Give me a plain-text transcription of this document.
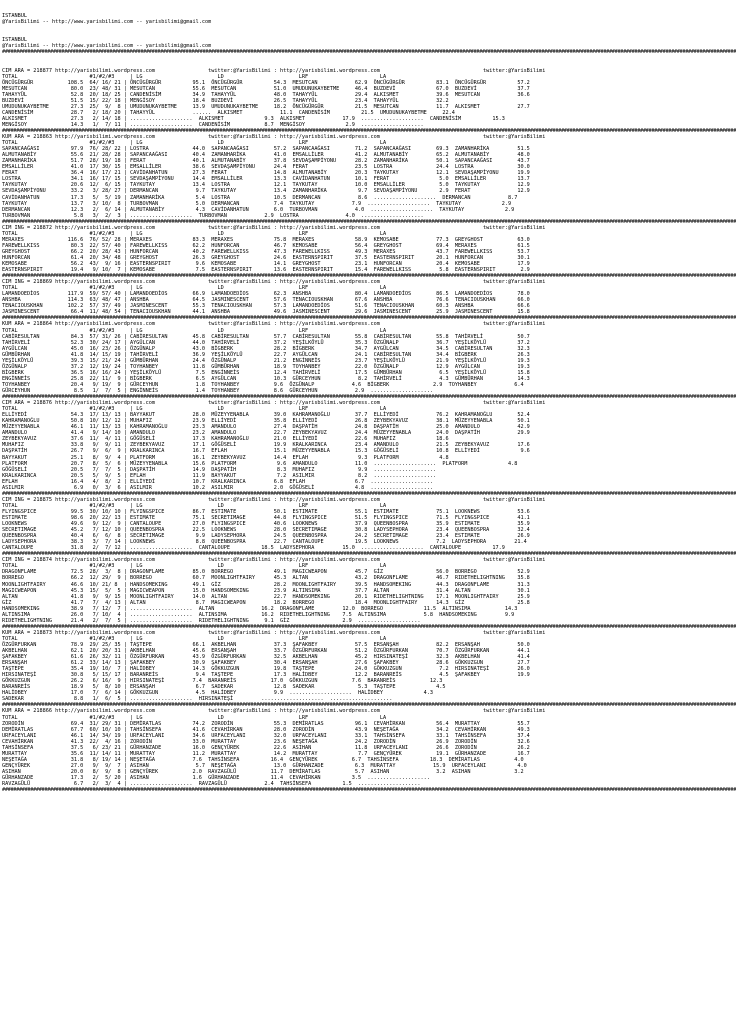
ISTANBUL
@YarisBilimi -- http://www.yarisbilimi.com -- yarisbilimi@gmail.com
ISTANBUL
@YarisBilimi -- http://www.yarisbilimi.com -- yarisbilimi@gmail.com
####################################################################################################################################################################################################################################################################

CIM ARA = 218877 http://yarisbilimi.wordpress.com                 twitter:@YarisBilimi : http://yarisbilimi.wordpress.com                                 twitter:@YarisBilimi
TOTAL                       #1/#2/#3     | LG                        LD                        LRF                       LA
ÖNCÜGÜRGÜR           108.5  64/ 16/ 21 | ÖNCÜGÜRGÜR          95.1  ÖNCÜGÜRGÜR          54.3  MESUTCAN            62.9  ÖNCÜGÜRGÜR          83.1  ÖNCÜGÜRGÜR          57.2
MESUTCAN              80.0  23/ 48/ 31 | MESUTCAN            55.6  MESUTCAN            51.0  UMUDUNUKAYBETME     46.4  BUZDEVİ             67.0  BUZDEVİ             37.7
TAHAYYÜL              52.8  20/ 18/ 25 | CANDENİSİM          34.9  TAHAYYÜL            48.0  TAHAYYÜL            29.4  ALKISMET            39.6  MESUTCAN            36.6
BUZDEVİ               51.5  15/ 22/ 18 | MENGİSOY            18.4  BUZDEVİ             26.5  TAHAYYÜL            23.4  TAHAYYÜL            32.2
UMUDUNUKAYBETME       27.3  25/  9/  8 | UMUDUNUKAYBETME     13.9  UMUDUNUKAYBETME     18.2  ÖNCÜGÜRGÜR          21.5  MESUTCAN            11.7  ALKISMET            27.7
CANDENİSİM            28.7   2/ 18/ 20 | TAHAYYÜL            ......  ALKISMET            11.1  CANDENİSİM          21.5  UMUDUNUKAYBETME     22.4
ALKISMET              27.3   2/ 14/ 18 | ....................  ALKISMET             9.3  ALKISMET            17.9  ....................  CANDENİSİM          15.3
MENGİSOY              14.3   1/  7/ 11 | ....................  CANDENİSİM           8.7  MENGİSOY             2.9  ....................
####################################################################################################################################################################################################################################################################
KUM ARA = 218863 http://yarisbilimi.wordpress.com                 twitter:@YarisBilimi : http://yarisbilimi.wordpress.com                                 twitter:@YarisBilimi
TOTAL                       #1/#2/#3     | LG                        LD                        LRF                       LA
SAPANCAAĞASI          97.9  76/ 28/ 22 | LOSTRA              44.0  SAPANCAAĞASI        57.2  SAPANCAAĞASI        71.2  SAPANCAAĞASI        69.3  ZAMANHARİKA         51.5
ALMUTANABİY           55.6  21/ 28/ 28 | SAPANCAAĞASI        40.4  ZAMANHARİKA         41.0  EMSALLİLER          41.2  ALMUTANABİY         65.2  ALMUTANABİY         48.0
ZAMANHARİKA           51.7  28/ 19/ 18 | FERAT               40.1  ALMUTANABİY         37.8  SEVDAŞAMPİYONU      28.2  ZAMANHARİKA         50.1  SAPANCAAĞASI        43.7
EMSALLİLER            41.0  17/ 30/ 15 | EMSALLİLER          38.6  SEVDAŞAMPİYONU      24.4  FERAT               23.5  LOSTRA              24.4  LOSTRA              30.0
FERAT                 36.4  16/ 17/ 21 | CAVİDANHATUN        27.3  FERAT               14.8  ALMUTANABİY         20.3  TAYKUTAY            12.1  SEVDAŞAMPİYONU      19.9
LOSTRA                34.1  16/ 17/ 15 | SEVDAŞAMPİYONU      14.4  EMSALLİLER          13.3  CAVİDANHATUN        10.1  FERAT                5.0  EMSALLİLER          13.7
TAYKUTAY              20.6  12/  6/ 15 | TAYKUTAY            13.4  LOSTRA              12.1  TAYKUTAY            10.0  EMSALLİLER           5.0  TAYKUTAY            12.9
SEVDAŞAMPİYONU        33.2   3/ 28/ 27 | DERMANCAN            9.7  TAYKUTAY            13.4  ZAMANHARİKA          9.7  SEVDAŞAMPİYONU       2.9  FERAT               12.9
CAVİDANHATUN          17.3   5/  5/ 19 | ZAMANHARİKA          5.4  LOSTRA              10.5  DERMANCAN            8.6  ....................  DERMANCAN            8.7
TAYKUTAY              13.7   3/ 10/  8 | TURBOVMAN            5.0  DERMANCAN           7.4  TAYKUTAY            7.9  ....................  TAYKUTAY             2.9
DERMANCAN             12.3   2/  6/ 14 | ALMUTANABİY          4.3  CAVİDANHATUN        6.0  TURBOVMAN            4.0  ....................  TAYKUTAY             2.9
TURBOVMAN              5.8   3/  2/  3 | ....................  TURBOVMAN            2.9  LOSTRA               4.0  ....................
####################################################################################################################################################################################################################################################################
CIM ING = 218872 http://yarisbilimi.wordpress.com                 twitter:@YarisBilimi : http://yarisbilimi.wordpress.com                                 twitter:@YarisBilimi
TOTAL                       #1/#2/#3     | LG                        LD                        LRF                       LA
MERAXES              116.6  76/ 52/ 28 | MERAXES             83.3  MERAXES             75.8  MERAXES             58.9  KEMOSABE            77.3  GREYGHOST           63.0
FAREWELLKISS          80.3  22/ 57/ 40 | FAREWELLKISS        62.2  HUNFORCAN           46.7  KEMOSABE            56.4  GREYGHOST           69.4  MERAXES             61.5
GREYGHOST             66.2  20/ 28/ 43 | HUNFORCAN           40.2  FAREWELLKISS        47.3  FAREWELLKISS        49.3  MERAXES             43.7  FAREWELLKISS        53.7
HUNFORCAN             61.4  20/ 34/ 48 | GREYGHOST           26.3  GREYGHOST           24.6  EASTERNSPIRIT       37.5  EASTERNSPIRIT       20.1  HUNFORCAN           30.1
KEMOSABE              56.2  43/  9/ 16 | EASTERNSPIRIT        9.6  KEMOSABE            14.1  GREYGHOST           23.1  HUNFORCAN           20.4  KEMOSABE            17.9
EASTERNSPIRIT         19.4   9/ 10/  7 | KEMOSABE             7.5  EASTERNSPIRIT       13.6  EASTERNSPIRIT       15.4  FAREWELLKISS         5.8  EASTERNSPIRIT        2.9
####################################################################################################################################################################################################################################################################
CIM ING = 218869 http://yarisbilimi.wordpress.com                 twitter:@YarisBilimi : http://yarisbilimi.wordpress.com                                 twitter:@YarisBilimi
TOTAL                       #1/#2/#3     | LG                        LD                        LRF                       LA
LAMANDOEDİOS         117.9  59/ 57/ 40 | LAMANDOEDİOS        66.9  LAMANDOEDİOS        62.3  ANSHBA              80.4  LAMANDOEDİOS        86.5  LAMANDOEDİOS        78.0
ANSHBA               114.3  63/ 48/ 47 | ANSHBA              64.5  JASMINESCENT        57.6  TENACIOUSKHAN       67.6  ANSHBA              76.6  TENACIOUSKHAN       66.0
TENACIOUSKHAN        102.2  57/ 37/ 49 | JASMINESCENT        55.3  TENACIOUSKHAN       57.3  LAMANDOEDİOS        51.6  TENACIOUSKHAN       60.3  ANSHBA              66.6
JASMINESCENT          66.4  11/ 48/ 54 | TENACIOUSKHAN       44.1  ANSHBA              49.6  JASMINESCENT        29.6  JASMINESCENT        25.9  JASMINESCENT        15.8
####################################################################################################################################################################################################################################################################
KUM ARA = 218864 http://yarisbilimi.wordpress.com                 twitter:@YarisBilimi : http://yarisbilimi.wordpress.com                                 twitter:@YarisBilimi
TOTAL                       #1/#2/#3     | LG                        LD                        LRF                       LA
CABİRESULTAN          84.3  57/ 31/ 26 | CABİRESULTAN        45.8  CABİRESULTAN        57.7  CABİRESULTAN        55.8  CABİRESULTAN        55.8  TAHİRVELİ           50.7
TAHİRVELİ             52.3  30/ 24/ 17 | AYGÜLCAN            44.0  TAHİRVELİ           37.2  YEŞİLKÖYLÜ          35.3  ÖZGÜNALP            36.7  YEŞİLKÖYLÜ          37.2
AYGÜLCAN              45.0  16/ 23/ 26 | ÖZGÜNALP            43.0  BİGBERK             28.2  BİGBERK             34.7  AYGÜLCAN            34.5  CABİRESULTAN        32.3
GÜMBÜRHAN             41.8  14/ 15/ 19 | TAHİRVELİ           36.9  YEŞİLKÖYLÜ          22.7  AYGÜLCAN            24.1  CABİRESULTAN        34.4  BİGBERK             26.3
YEŞİLKÖYLÜ            39.3  15/ 21/ 24 | GÜMBÜRHAN           24.4  ÖZGÜNALP            21.2  ENGİNNEİS           23.7  YEŞİLKÖYLÜ          21.9  YEŞİLKÖYLÜ          19.3
ÖZGÜNALP              37.2  12/ 19/ 24 | TOYHANBEY           11.8  GÜMBÜRHAN           18.9  TOYHANBEY           22.0  ÖZGÜNALP            12.9  AYGÜLCAN            19.3
BİGBERK               36.5  16/ 16/ 24 | YEŞİLKÖYLÜ           7.5  ENGİNNEİS           12.4  TAHİRVELİ           17.5  GÜMBÜRHAN            6.5  YEŞİLKÖYLÜ          15.8
ENGİNNEİS             25.8  22/ 11/  9 | BİGBERK              6.5  AYGÜLCAN            10.3  GÜRCEYHUN            8.2  TAHİRVELİ            4.3  GÜMBÜRHAN           14.3
TOYHANBEY             20.4   9/ 19/  9 | GÜRCEYHUN            1.8  TOYHANBEY           9.6  ÖZGÜNALP            4.6  BİGBERK              2.9  TOYHANBEY            6.4
GÜRCEYHUN              8.5   1/  7/  5 | ENGİNNEİS            1.4  TOYHANBEY           8.6  GÜRCEYHUN            2.9  ....................
####################################################################################################################################################################################################################################################################
CIM ARA = 218876 http://yarisbilimi.wordpress.com                 twitter:@YarisBilimi : http://yarisbilimi.wordpress.com                                 twitter:@YarisBilimi
TOTAL                       #1/#2/#3     | LG                        LD                        LRF                       LA
ELLİYEDİ              54.3  17/ 13/ 13 | BAYYAKUT            28.0  MÜZEYYENABLA        39.0  KAHRAMANOĞLU        37.7  ELLİYEDİ            76.2  KAHRAMANOĞLU        52.4
KAHRAMANOĞLU          50.8  10/ 12/ 12 | MUHAFIZ             23.9  ELLİYEDİ            35.8  ELLİYEDİ            26.8  ZEYBEKYAVUZ         38.1  MÜZEYYENABLA        50.1
MÜZEYYENABLA          46.1  11/ 13/ 13 | KAHRAMANOĞLU        23.3  AMANDULO            27.4  DAŞPATİH            24.8  DAŞPATİH            25.0  AMANDULO            42.9
AMANDULO              41.4   9/ 14/ 10 | AMANDULO            23.2  AMANDULO            22.7  ZEYBEKYAVUZ         24.4  MÜZEYYENABLA        24.0  DAŞPATİH            29.9
ZEYBEKYAVUZ           37.6  11/  4/ 11 | GÖĞÜSELİ            17.3  KAHRAMANOĞLU        21.0  ELLİYEDİ            22.6  MUHAFIZ             18.6
MUHAFIZ               33.8   9/  9/ 11 | ZEYBEKYAVUZ         17.1  GÖĞÜSELİ            19.9  KRALKARINCA         23.4  AMANDULO            21.5  ZEYBEKYAVUZ         17.6
DAŞPATİH              26.7   9/  6/  9 | KRALKARINCA         16.7  EFLAH               15.1  MÜZEYYENABLA        15.3  GÖĞÜSELİ            10.8  ELLİYEDİ             9.6
BAYYAKUT              25.1   8/  9/  4 | PLATFORM            16.1  ZEYBEKYAVUZ         14.4  EFLAH                9.3  PLATFORM             4.8
PLATFORM              20.7   8/  5/  6 | MÜZEYYENABLA        15.6  PLATFORM             9.6  AMANDULO            11.0  ....................  PLATFORM             4.8
GÖĞÜSELİ              20.5   7/  7/  5 | DAŞPATİH            14.9  DAŞPATİH             8.3  MUHAFIZ              9.9  ....................
KRALKARINCA           20.5   5/  9/  5 | EFLAH               11.9  BAYYAKUT             7.2  ASILMIR              8.2  ....................
EFLAH                 16.4   4/  8/  2 | ELLİYEDİ            10.7  KRALKARINCA         6.8  EFLAH                6.7  ....................
ASILMIR                6.9   0/  3/  6 | ASILMIR             10.2  ASILMIR             2.0  GÖĞÜSELİ             4.8  ....................
####################################################################################################################################################################################################################################################################
CIM ING = 218875 http://yarisbilimi.wordpress.com                 twitter:@YarisBilimi : http://yarisbilimi.wordpress.com                                 twitter:@YarisBilimi
TOTAL                       #1/#2/#3     | LG                        LD                        LRF                       LA
FLYINGSPICE           99.5  30/ 10/ 10 | FLYINGSPICE         86.7  ESTIMATE            50.1  ESTIMATE            55.1  ESTIMATE            75.1  LOOKNEWS            53.6
ESTIMATE              98.6  20/ 22/ 13 | ESTIMATE            75.1  SECRETIMAGE         44.8  FLYINGSPICE         51.5  FLYINGSPICE         71.5  FLYINGSPICE         41.1
LOOKNEWS              49.6   9/ 12/  9 | CANTALOUPE          27.0  FLYINGSPICE         40.6  LOOKNEWS            37.9  QUEENBOSPRA         35.9  ESTIMATE            35.9
SECRETIMAGE           45.2   7/ 12/ 10 | QUEENBOSPRA         22.5  LOOKNEWS            28.0  SECRETIMAGE         30.8  LADYSEPHORA         23.4  QUEENBOSPRA         32.4
QUEENBOSPRA           40.4   6/  6/  8 | SECRETIMAGE          9.9  LADYSEPHORA         24.5  QUEENBOSPRA         24.2  SECRETIMAGE         23.4  ESTIMATE            26.9
LADYSEPHORA           38.3   3/  7/ 14 | LOOKNEWS             8.8  QUEENBOSPRA         22.7  CANTALOUPE          19.5  LOOKNEWS            7.2  LADYSEPHORA         21.4
CANTALOUPE            31.8   2/  7/ 12 | ....................  CANTALOUPE          18.5  LADYSEPHORA         15.0  ....................  CANTALOUPE          17.9
####################################################################################################################################################################################################################################################################
CIM ING = 218874 http://yarisbilimi.wordpress.com                 twitter:@YarisBilimi : http://yarisbilimi.wordpress.com                                 twitter:@YarisBilimi
TOTAL                       #1/#2/#3     | LG                        LD                        LRF                       LA
DRAGONFLAME           72.5  28/  3/  8 | DRAGONFLAME         85.0  BORREGO             49.1  MAGICWEAPON         45.7  GİZ                 56.0  BORREGO             52.9
BORREGO               66.2  12/ 29/  9 | BORREGO             60.7  MOONLIGHTFAIRY      45.3  ALTAN               43.2  DRAGONFLAME         46.7  RIDETHELIGHTNING    35.8
MOONLIGHTFAIRY        46.6  10/ 21/ 8  | HANDSOMEKING        49.1  GİZ                 28.2  MOONLIGHTFAIRY      39.5  HANDSOMEKING        44.3  DRAGONFLAME         31.3
MAGICWEAPON           45.3  15/  5/  5 | MAGICWEAPON         15.0  HANDSOMEKING        23.9  ALTINSIMA           37.7  ALTAN               31.4  ALTAN               30.1
ALTAN                 41.8   9/  9/ 15 | MOONLIGHTFAIRY      14.0  ALTAN               22.7  HANDSOMEKING        20.1  RIDETHELIGHTNING    17.1  MOONLIGHTFAIRY      25.9
GİZ                   41.7   7/  4/ 13 | ALTAN                8.7  MAGICWEAPON         18.2  BORREGO             18.4  MOONLIGHTFAIRY      14.3  GİZ                 25.8
HANDSOMEKING          38.9   7/ 12/  7 | ....................  ALTAN               16.2  DRAGONFLAME         12.0  BORREGO             11.5  ALTINSIMA           14.3
ALTINSIMA             26.0   7/ 10/  4 | ....................  ALTINSIMA           16.2  RIDETHELIGHTNING    7.5  ALTINSIMA            5.8  HANDSOMEKING         9.9
RIDETHELIGHTNING      21.4   2/  7/  5 | ....................  RIDETHELIGHTNING     9.1  GİZ                 2.9  ....................
####################################################################################################################################################################################################################################################################
KUM ARA = 218873 http://yarisbilimi.wordpress.com                 twitter:@YarisBilimi : http://yarisbilimi.wordpress.com                                 twitter:@YarisBilimi
TOTAL                       #1/#2/#3     | LG                        LD                        LRF                       LA
ÖZGÜRFURKAN           78.9  29/ 25/ 35 | TAŞTEPE             66.1  AKBELHAN            37.3  ŞAFAKBEY            57.5  ERSANŞAH            82.2  ERSANŞAH            50.0
AKBELHAN              62.1  20/ 20/ 31 | AKBELHAN            45.6  ERSANŞAH            33.7  ÖZGÜRFURKAN         51.2  ÖZGÜRFURKAN         70.7  ÖZGÜRFURKAN         44.1
ŞAFAKBEY              61.6  26/ 32/ 11 | ÖZGÜRFURKAN         43.9  ÖZGÜRFURKAN         32.5  AKBELHAN            45.2  HIRSINATEŞİ         32.3  AKBELHAN            41.4
ERSANŞAH              61.2  33/ 14/ 13 | ŞAFAKBEY            30.9  ŞAFAKBEY            30.4  ERSANŞAH            27.6  ŞAFAKBEY            28.6  GÖKKUZGUN           27.7
TAŞTEPE               35.4  19/ 10/  7 | HALİDBEY            14.3  GÖKKUZGUN           19.8  TAŞTEPE             24.0  GÖKKUZGUN            7.2  HIRSINATEŞİ         26.0
HIRSINATEŞİ           30.8   5/ 15/ 17 | BARANREİS            9.4  TAŞTEPE             17.3  HALİDBEY            12.2  BARANREİS            4.5  ŞAFAKBEY            19.9
GÖKKUZGUN             26.2   6/ 16/  9 | HIRSINATEŞİ         7.4  BARANREİS           17.0  GÖKKUZGUN           7.6  BARANREİS           12.3
BARANREİS             18.9   5/  8/ 10 | ERSANŞAH             6.7  SADEKAR             12.8  SADEKAR              5.3  TAŞTEPE             4.5
HALİDBEY              17.0   7/  6/ 14 | GÖKKUZGUN            4.5  HALİDBEY            9.9  ....................  HALİDBEY             4.3
SADEKAR                8.8   1/  6/  5 | ....................  HIRSINATEŞİ         ....................  ....................
####################################################################################################################################################################################################################################################################
KUM ARA = 218866 http://yarisbilimi.wordpress.com                 twitter:@YarisBilimi : http://yarisbilimi.wordpress.com                                 twitter:@YarisBilimi
TOTAL                       #1/#2/#3     | LG                        LD                        LRF                       LA
ZORODİN               69.4  31/ 29/ 31 | DEMİRATLAS          74.2  ZORODİN             55.3  DEMİRATLAS          96.1  CEVAHİRKAN          56.4  MURATTAY            55.7
DEMİRATLAS            67.7  60/ 10/ 10 | TAHSİNSEFA          41.6  CEVAHİRKAN          28.0  ZORODİN             43.9  NEŞETAĞA            34.2  CEVAHİRKAN          49.3
URFACEYLANI           46.1  14/ 34/ 19 | URFACEYLANI         34.6  URFACEYLANI         32.0  URFACEYLANI         33.1  TAHSİNSEFA          33.1  TAHSİNSEFA          37.4
CEVAHİRKAN            41.3  22/  4/ 16 | ZORODİN             33.0  MURATTAY            23.6  NEŞETAĞA            24.2  ZORODİN             26.9  ZORODİN             32.6
TAHSİNSEFA            37.5   6/ 23/ 21 | GÜRHANZADE          16.0  GENÇYÜREK           22.6  ASIHAN              11.8  URFACEYLANI         26.6  ZORODİN             26.2
MURATTAY              35.6  11/ 14/ 11 | MURATTAY            11.2  MURATTAY            14.2  MURATTAY             7.7  GENÇYÜREK           19.1  GÜRHANZADE          16.7
NEŞETAĞA              31.8   8/ 19/ 14 | NEŞETAĞA            7.6  TAHSİNSEFA          16.4  GENÇYÜREK           6.7  TAHSİNSEFA          18.3  DEMİRATLAS           4.0
GENÇYÜREK             27.0   9/  9/  7 | ASIHAN               5.7  NEŞETAĞA            13.0  GÜRHANZADE          6.3  MURATTAY            15.9  URFACEYLANI          4.0
ASIHAN                20.0   8/  9/  8 | GENÇYÜREK           2.0  RAVZAGÜLÜ           11.7  DEMİRATLAS           5.7  ASIHAN               3.2  ASIHAN              3.2
GÜRHANZADE            17.3   2/  5/ 20 | ASIHAN              1.6  GÜRHANZADE          11.4  CEVAHİRKAN          3.5  ....................
RAVZAGÜLÜ              6.7   2/  3/  4 | ....................  RAVZAGÜLÜ            2.4  TAHSİNSEFA          1.5  ....................
####################################################################################################################################################################################################################################################################
